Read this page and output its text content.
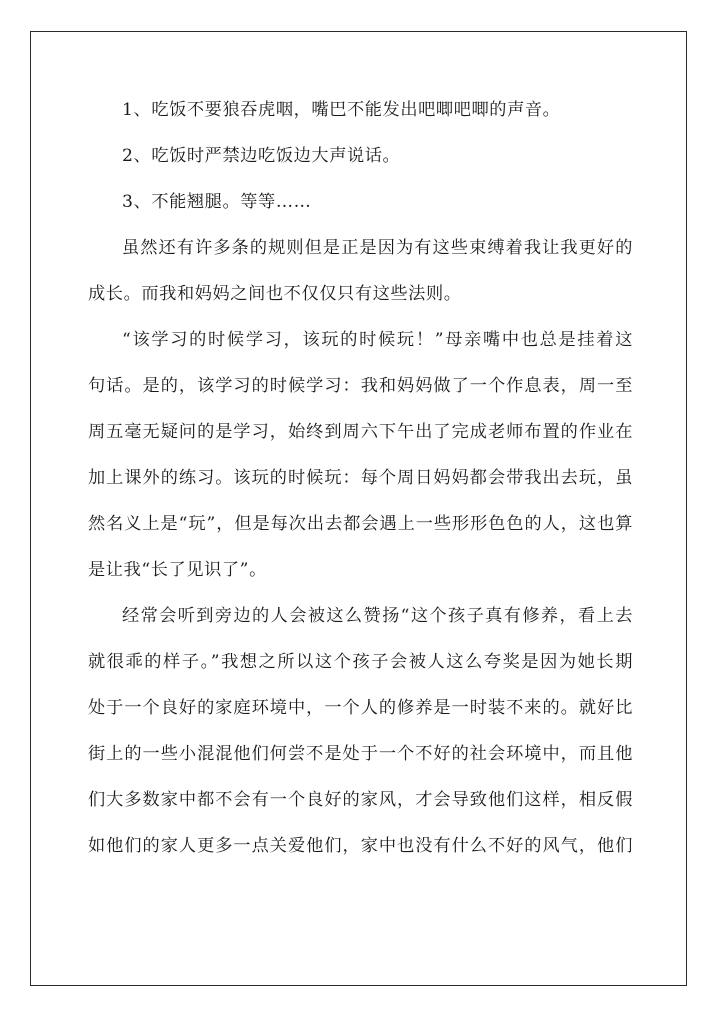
1、吃饭不要狼吞虎咽，嘴巴不能发出吧唧吧唧的声音。
2、吃饭时严禁边吃饭边大声说话。
3、不能翘腿。等等……
虽然还有许多条的规则但是正是因为有这些束缚着我让我更好的
成长。而我和妈妈之间也不仅仅只有这些法则。
“该学习的时候学习，该玩的时候玩！”母亲嘴中也总是挂着这
句话。是的，该学习的时候学习：我和妈妈做了一个作息表，周一至
周五毫无疑问的是学习，始终到周六下午出了完成老师布置的作业在
加上课外的练习。该玩的时候玩：每个周日妈妈都会带我出去玩，虽
然名义上是“玩”，但是每次出去都会遇上一些形形色色的人，这也算
是让我“长了见识了”。
经常会听到旁边的人会被这么赞扬“这个孩子真有修养，看上去
就很乖的样子。”我想之所以这个孩子会被人这么夸奖是因为她长期
处于一个良好的家庭环境中，一个人的修养是一时装不来的。就好比
街上的一些小混混他们何尝不是处于一个不好的社会环境中，而且他
们大多数家中都不会有一个良好的家风，才会导致他们这样，相反假
如他们的家人更多一点关爱他们，家中也没有什么不好的风气，他们
